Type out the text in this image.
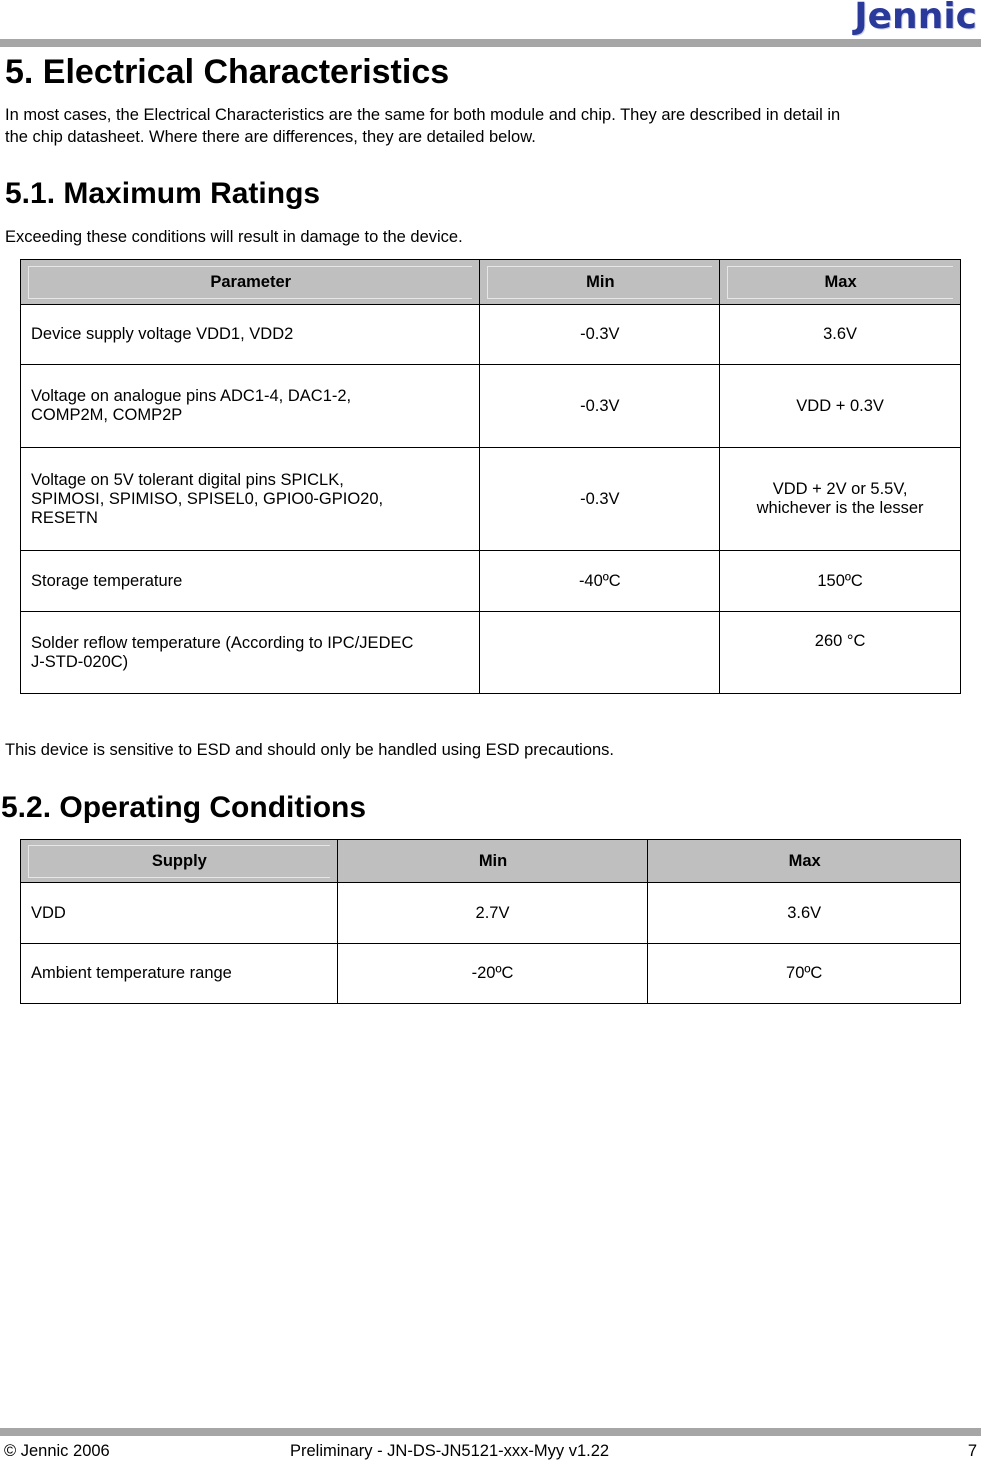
Jennic
5. Electrical Characteristics

In most cases, the Electrical Characteristics are the same for both module and chip. They are described in detail in

the chip datasheet. Where there are differences, they are detailed below.

5.1. Maximum Ratings

Exceeding these conditions will result in damage to the device.

Parameter	Min	Max

Device supply voltage VDD1, VDD2	-0.3V	3.6V
Voltage on analogue pins ADC1-4, DAC1-2,
COMP2M, COMP2P	-0.3V	VDD + 0.3V
Voltage on 5V tolerant digital pins SPICLK,
SPIMOSI, SPIMISO, SPISEL0, GPIO0-GPIO20,
RESETN	-0.3V	VDD + 2V or 5.5V,
whichever is the lesser
Storage temperature	-40ºC	150ºC
Solder reflow temperature (According to IPC/JEDEC
J-STD-020C)		260 °C

This device is sensitive to ESD and should only be handled using ESD precautions.

5.2. Operating Conditions
Supply	Min	Max

VDD	2.7V	3.6V
Ambient temperature range	-20ºC	70ºC
© Jennic 2006	Preliminary - JN-DS-JN5121-xxx-Myy v1.22	7
